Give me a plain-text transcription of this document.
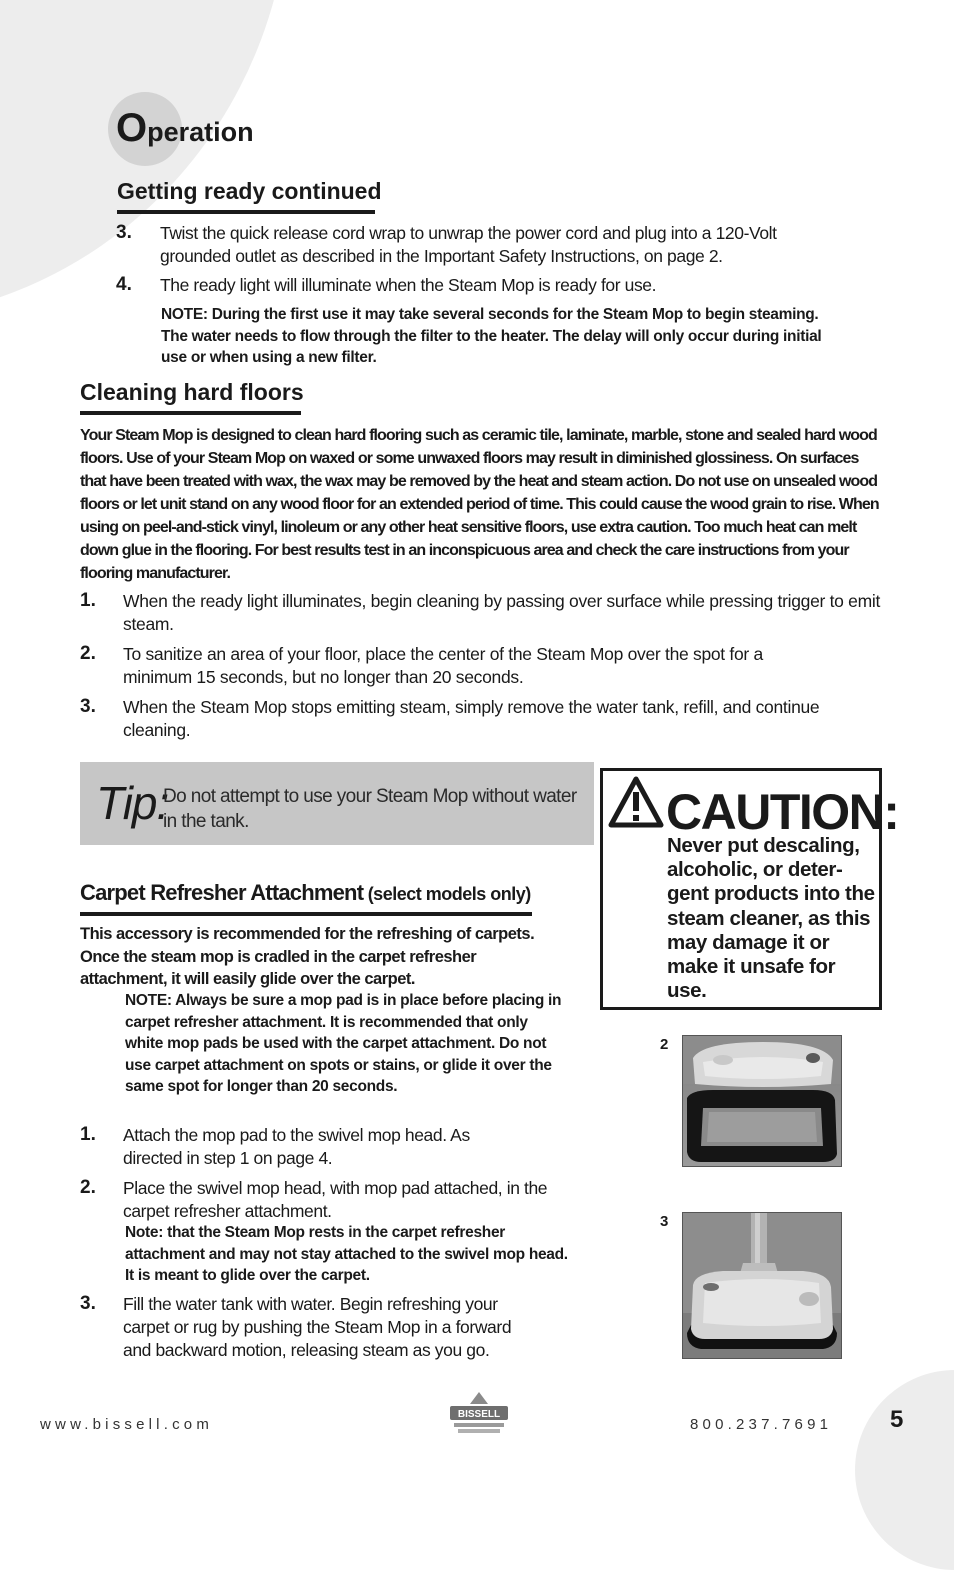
Operation
Getting ready continued
3.	Twist the quick release cord wrap to unwrap the power cord and plug into a 120-Volt grounded outlet as described in the Important Safety Instructions, on page 2.
4.	The ready light will illuminate when the Steam Mop is ready for use.
NOTE: During the first use it may take several seconds for the Steam Mop to begin steaming. The water needs to flow through the filter to the heater. The delay will only occur during initial use or when using a new filter.
Cleaning hard floors
Your Steam Mop is designed to clean hard flooring such as ceramic tile, laminate, marble, stone and sealed hard wood floors. Use of your Steam Mop on waxed or some unwaxed floors may result in diminished glossiness. On surfaces that have been treated with wax, the wax may be removed by the heat and steam action. Do not use on unsealed wood floors or let unit stand on any wood floor for an extended period of time. This could cause the wood grain to rise. When using on peel-and-stick vinyl, linoleum or any other heat sensitive floors, use extra caution. Too much heat can melt down glue in the flooring. For best results test in an inconspicuous area and check the care instructions from your flooring manufacturer.
1.	When the ready light illuminates, begin cleaning by passing over surface while pressing trigger to emit steam.
2.	To sanitize an area of your floor, place the center of the Steam Mop over the spot for a minimum 15 seconds, but no longer than 20 seconds.
3.	When the Steam Mop stops emitting steam, simply remove the water tank, refill, and continue cleaning.
Tip:
Do not attempt to use your Steam Mop without water in the tank.	CAUTION:
Never put descaling, alcoholic, or deter-gent products into the steam cleaner, as this may damage it or make it unsafe for use.
Carpet Refresher Attachment (select models only)
This accessory is recommended for the refreshing of carpets. Once the steam mop is cradled in the carpet refresher attachment, it will easily glide over the carpet.
NOTE: Always be sure a mop pad is in place before placing in carpet refresher attachment. It is recommended that only white mop pads be used with the carpet attachment. Do not use carpet attachment on spots or stains, or glide it over the same spot for longer than 20 seconds.
1.	Attach the mop pad to the swivel mop head. As directed in step 1 on page 4.
2.	Place the swivel mop head, with mop pad attached, in the carpet refresher attachment.
Note: that the Steam Mop rests in the carpet refresher attachment and may not stay attached to the swivel mop head. It is meant to glide over the carpet.
3.	Fill the water tank with water. Begin refreshing your carpet or rug by pushing the Steam Mop in a forward and backward motion, releasing steam as you go.
2
3
www.bissell.com
BISSELL
800.237.7691 5
